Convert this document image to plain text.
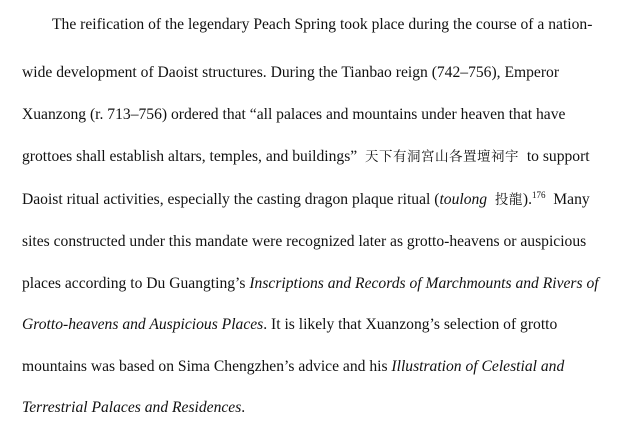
The reification of the legendary Peach Spring took place during the course of a nation-
wide development of Daoist structures. During the Tianbao reign (742–756), Emperor
Xuanzong (r. 713–756) ordered that “all palaces and mountains under heaven that have
grottoes shall establish altars, temples, and buildings” 天下有洞宮山各置壇祠宇 to support
Daoist ritual activities, especially the casting dragon plaque ritual (toulong 投龍).$^{176}$ Many
sites constructed under this mandate were recognized later as grotto-heavens or auspicious
places according to Du Guangting’s Inscriptions and Records of Marchmounts and Rivers of
Grotto-heavens and Auspicious Places. It is likely that Xuanzong’s selection of grotto
mountains was based on Sima Chengzhen’s advice and his Illustration of Celestial and
Terrestrial Palaces and Residences.
